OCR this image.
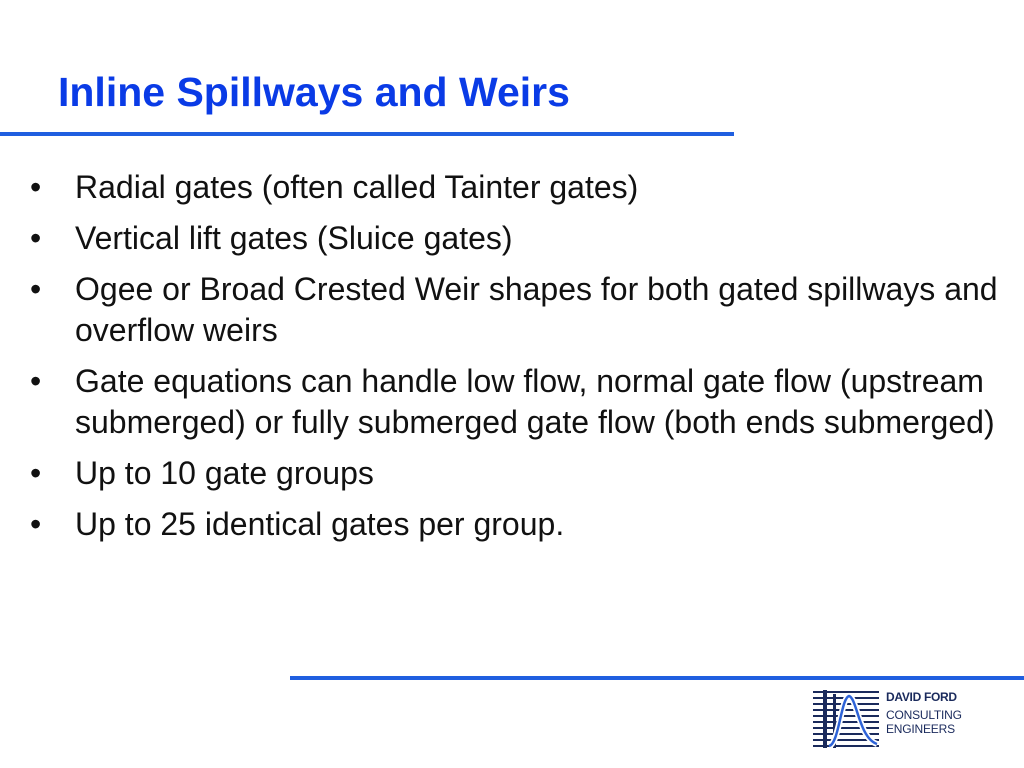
Inline Spillways and Weirs
• Radial gates (often called Tainter gates)
• Vertical lift gates (Sluice gates)
• Ogee or Broad Crested Weir shapes for both gated spillways and overflow weirs
• Gate equations can handle low flow, normal gate flow (upstream submerged) or fully submerged gate flow (both ends submerged)
• Up to 10 gate groups
• Up to 25 identical gates per group.
DAVID FORD
CONSULTING
ENGINEERS
